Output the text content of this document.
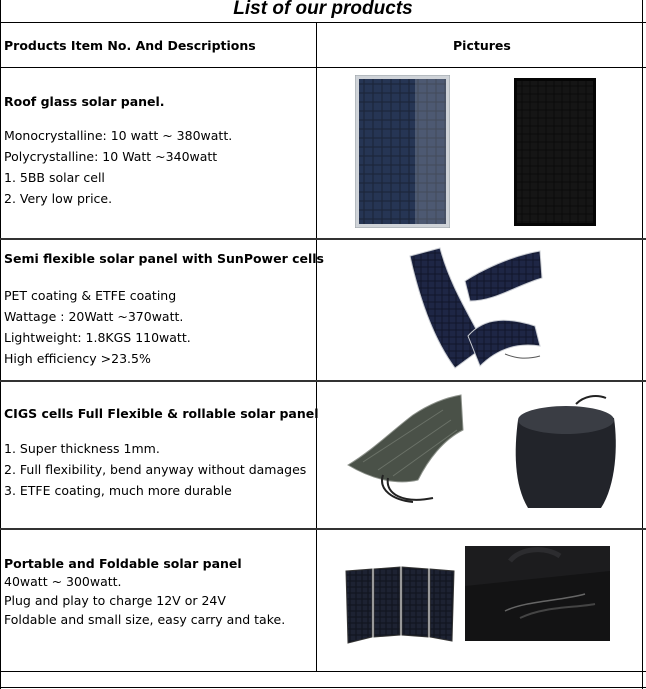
List of our products
Products Item No. And Descriptions	Pictures
Roof glass solar panel.
Monocrystalline: 10 watt ~ 380watt.
Polycrystalline: 10 Watt ~340watt
1. 5BB solar cell
2. Very low price.
Semi flexible solar panel with SunPower cells
PET coating & ETFE coating
Wattage : 20Watt ~370watt.
Lightweight: 1.8KGS 110watt.
High efficiency >23.5%
CIGS cells Full Flexible & rollable solar panel
1. Super thickness 1mm.
2. Full flexibility, bend anyway without damages
3. ETFE coating, much more durable
Portable and Foldable solar panel
40watt ~ 300watt.
Plug and play to charge 12V or 24V
Foldable and small size, easy carry and take.
